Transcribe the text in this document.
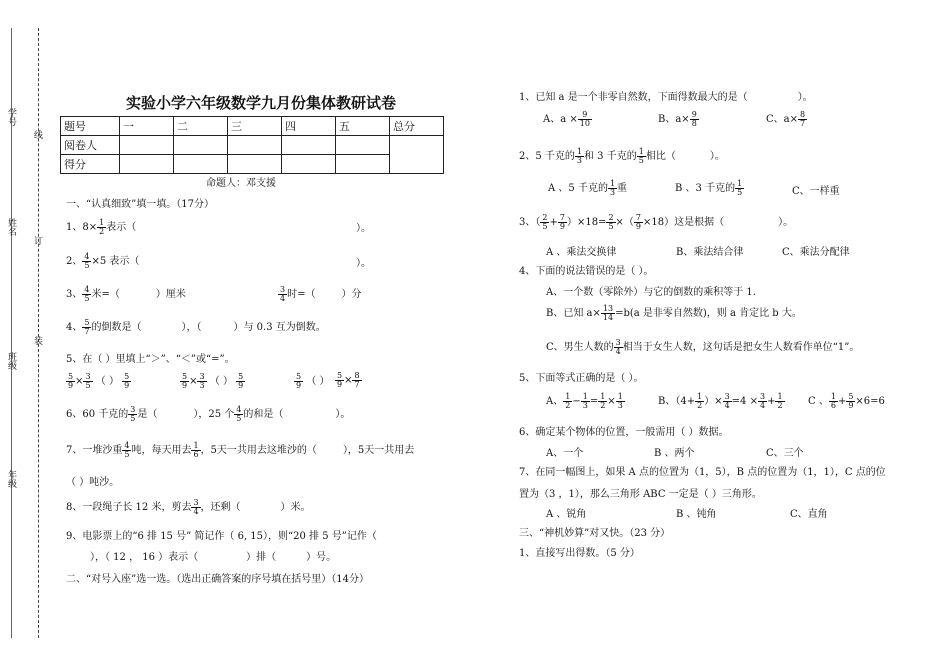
学号
线
姓名
订
班级
装
年级
实验小学六年级数学九月份集体教研试卷
题号	一	二	三	四	五	总分
阅卷人						
得分						
命题人：邓支援
一、“认真细致”填一填。（17分）
1、$8\times \frac{1}{2}$ 表示（	）。
2、 $\frac{4}{5} \times 5$ 表示（	）。
3、 $\frac{4}{5}$ 米=（	）厘米	$\frac{3}{4}$ 时=（	）分
4、 $\frac{5}{7}$ 的倒数是（	），（	）与 0.3 互为倒数。
5、在（ ）里填上“＞”、“＜”或“=”。
$\frac{5}{9} \times \frac{3}{5}$ （ ） $\frac{5}{9}$	$\frac{5}{9} \times \frac{3}{3}$ （ ） $\frac{5}{9}$	$\frac{5}{9}$ （ ） $\frac{5}{9} \times \frac{8}{7}$
6、60 千克的 $\frac{3}{5}$ 是（	），25 个 $\frac{4}{5}$ 的和是（	）。
7、一堆沙重 $\frac{4}{5}$ 吨，每天用去 $\frac{1}{6}$ ，5天一共用去这堆沙的（	），5天一共用去
（ ）吨沙。
8、一段绳子长 12 米，剪去 $\frac{3}{4}$ ，还剩（	）米。
9、电影票上的“6 排 15 号” 简记作（ 6, 15），则“20 排 5 号”记作（
），（ 12 ， 16 ）表示（	）排（	）号。
二、“对号入座”选一选。（选出正确答案的序号填在括号里）（14分）
1、已知 a 是一个非零自然数，下面得数最大的是（	）。
A、$a \times \frac{9}{10}$	B、$a\times \frac{9}{8}$	C、$a\times \frac{8}{7}$
2、5 千克的 $\frac{1}{3}$ 和 3 千克的 $\frac{1}{5}$ 相比（	）。
A 、5 千克的 $\frac{1}{3}$ 重	B 、3 千克的 $\frac{1}{5}$	C、一样重
3、（ $\frac{2}{5} + \frac{7}{9} )\times 18= \frac{2}{5}$ ×（ $\frac{7}{9} \times 18$）这是根据（	）。
A 、乘法交换律	B、乘法结合律	C、乘法分配律
4、下面的说法错误的是（ ）。
A、一个数（零除外）与它的倒数的乘积等于 1.
B、已知 $a\times \frac{13}{14} =b(a$ 是非零自然数)，则 a 肯定比 b 大。
C、男生人数的 $\frac{3}{4}$ 相当于女生人数，这句话是把女生人数看作单位“1”。
5、下面等式正确的是（ ）。
A、 $\frac{1}{2} - \frac{1}{3} = \frac{1}{2} \times \frac{1}{3}$	B、（$4+ \frac{1}{2}$ ）× $\frac{3}{4} =4 \times \frac{3}{4} + \frac{1}{2}$ C 、 $\frac{1}{6} + \frac{5}{9} \times 6=6$
6、确定某个物体的位置，一般需用（ ）数据。
A、一个	B 、两个	C、三个
7、在同一幅图上，如果 A 点的位置为（1，5），B 点的位置为（1，1），C 点的位
置为（3 ，1），那么三角形 ABC 一定是（ ）三角形。
A 、锐角	B 、钝角	C、直角
三、“神机妙算”对又快。（23 分）
1、直接写出得数。（5 分）
